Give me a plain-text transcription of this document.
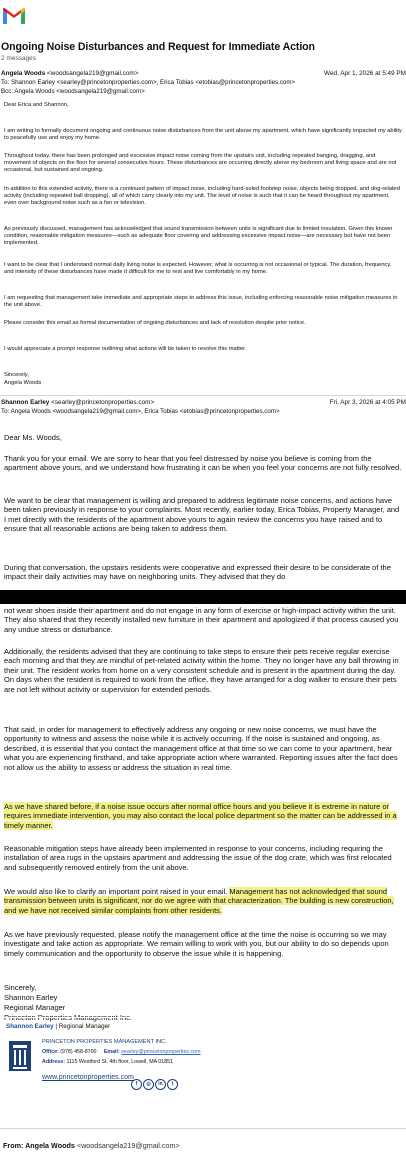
Ongoing Noise Disturbances and Request for Immediate Action
2 messages
Angela Woods <woodsangela219@gmail.com>	Wed, Apr 1, 2026 at 5:49 PM
To: Shannon Earley <searley@princetonproperties.com>, Erica Tobias <etobias@princetonproperties.com>
Bcc: Angela Woods <woodsangela219@gmail.com>

Dear Erica and Shannon,

I am writing to formally document ongoing and continuous noise disturbances from the unit above my apartment, which have significantly impacted my ability to peacefully use and enjoy my home.

Throughout today, there has been prolonged and excessive impact noise coming from the upstairs unit, including repeated banging, dragging, and movement of objects on the floor for several consecutive hours. These disturbances are occurring directly above my bedroom and living space and are not occasional, but sustained and ongoing.

In addition to this extended activity, there is a continued pattern of impact noise, including hard-soled footstep noise, objects being dropped, and dog-related activity (including repeated ball dropping), all of which carry clearly into my unit. The level of noise is such that it can be heard throughout my apartment, even over background noise such as a fan or television.

As previously discussed, management has acknowledged that sound transmission between units is significant due to limited insulation. Given this known condition, reasonable mitigation measures—such as adequate floor covering and addressing excessive impact noise—are necessary but have not been implemented.

I want to be clear that I understand normal daily living noise is expected. However, what is occurring is not occasional or typical. The duration, frequency, and intensity of these disturbances have made it difficult for me to rest and live comfortably in my home.

I am requesting that management take immediate and appropriate steps to address this issue, including enforcing reasonable noise mitigation measures in the unit above.

Please consider this email as formal documentation of ongoing disturbances and lack of resolution despite prior notice.

I would appreciate a prompt response outlining what actions will be taken to resolve this matter.

Sincerely,

Angela Woods

Shannon Earley <searley@princetonproperties.com>	Fri, Apr 3, 2026 at 4:05 PM
To: Angela Woods <woodsangela219@gmail.com>, Erica Tobias <etobias@princetonproperties.com>

Dear Ms. Woods,

Thank you for your email. We are sorry to hear that you feel distressed by noise you believe is coming from the apartment above yours, and we understand how frustrating it can be when you feel your concerns are not fully resolved.

We want to be clear that management is willing and prepared to address legitimate noise concerns, and actions have been taken previously in response to your complaints. Most recently, earlier today, Erica Tobias, Property Manager, and I met directly with the residents of the apartment above yours to again review the concerns you have raised and to ensure that all reasonable actions are being taken to address them.

During that conversation, the upstairs residents were cooperative and expressed their desire to be considerate of the impact their daily activities may have on neighboring units. They advised that they do

not wear shoes inside their apartment and do not engage in any form of exercise or high-impact activity within the unit. They also shared that they recently installed new furniture in their apartment and apologized if that process caused you any undue stress or disturbance.

Additionally, the residents advised that they are continuing to take steps to ensure their pets receive regular exercise each morning and that they are mindful of pet-related activity within the home. They no longer have any ball throwing in their unit. The resident works from home on a very consistent schedule and is present in the apartment during the day. On days when the resident is required to work from the office, they have arranged for a dog walker to ensure their pets are not left without activity or supervision for extended periods.

That said, in order for management to effectively address any ongoing or new noise concerns, we must have the opportunity to witness and assess the noise while it is actively occurring. If the noise is sustained and ongoing, as described, it is essential that you contact the management office at that time so we can come to your apartment, hear what you are experiencing firsthand, and take appropriate action where warranted. Reporting issues after the fact does not allow us the ability to assess or address the situation in real time.

As we have shared before, if a noise issue occurs after normal office hours and you believe it is extreme in nature or requires immediate intervention, you may also contact the local police department so the matter can be addressed in a timely manner.

Reasonable mitigation steps have already been implemented in response to your concerns, including requiring the installation of area rugs in the upstairs apartment and addressing the issue of the dog crate, which was first relocated and subsequently removed entirely from the unit above.

We would also like to clarify an important point raised in your email. Management has not acknowledged that sound transmission between units is significant, nor do we agree with that characterization. The building is new construction, and we have not received similar complaints from other residents.

As we have previously requested, please notify the management office at the time the noise is occurring so we may investigate and take action as appropriate. We remain willing to work with you, but our ability to do so depends upon timely communication and the opportunity to observe the issue while it is happening.

Sincerely,

Shannon Earley

Regional Manager

Shannon Earley | Regional Manager
PRINCETON PROPERTIES MANAGEMENT INC.
Office: (978) 458-8700 Email: searley@princetonproperties.com
Address: 1115 Westford St. 4th floor, Lowell, MA 01851
www.princetonproperties.com
f ◎ in t
From: Angela Woods <woodsangela219@gmail.com>
